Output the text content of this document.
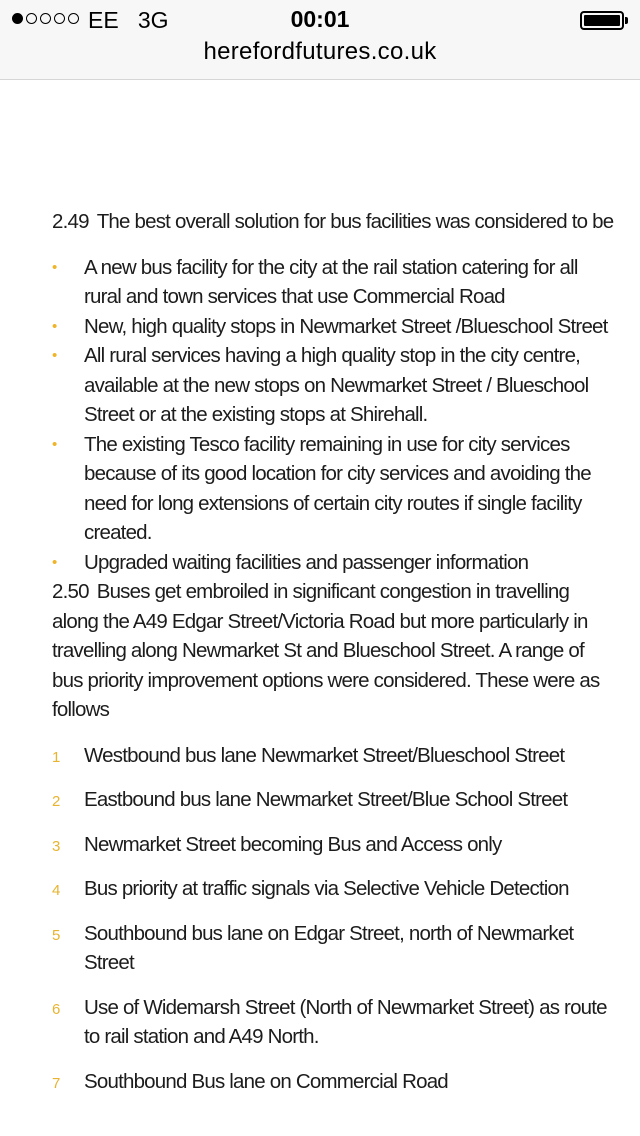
EE 3G	00:01
herefordfutures.co.uk

2.49 The best overall solution for bus facilities was considered to be

• A new bus facility for the city at the rail station catering for all rural and town services that use Commercial Road
• New, high quality stops in Newmarket Street /Blueschool Street
• All rural services having a high quality stop in the city centre, available at the new stops on Newmarket Street / Blueschool Street or at the existing stops at Shirehall.
• The existing Tesco facility remaining in use for city services because of its good location for city services and avoiding the need for long extensions of certain city routes if single facility created.
• Upgraded waiting facilities and passenger information

2.50 Buses get embroiled in significant congestion in travelling along the A49 Edgar Street/Victoria Road but more particularly in travelling along Newmarket St and Blueschool Street. A range of bus priority improvement options were considered. These were as follows

1 Westbound bus lane Newmarket Street/Blueschool Street
2 Eastbound bus lane Newmarket Street/Blue School Street
3 Newmarket Street becoming Bus and Access only
4 Bus priority at traffic signals via Selective Vehicle Detection
5 Southbound bus lane on Edgar Street, north of Newmarket Street
6 Use of Widemarsh Street (North of Newmarket Street) as route to rail station and A49 North.
7 Southbound Bus lane on Commercial Road
